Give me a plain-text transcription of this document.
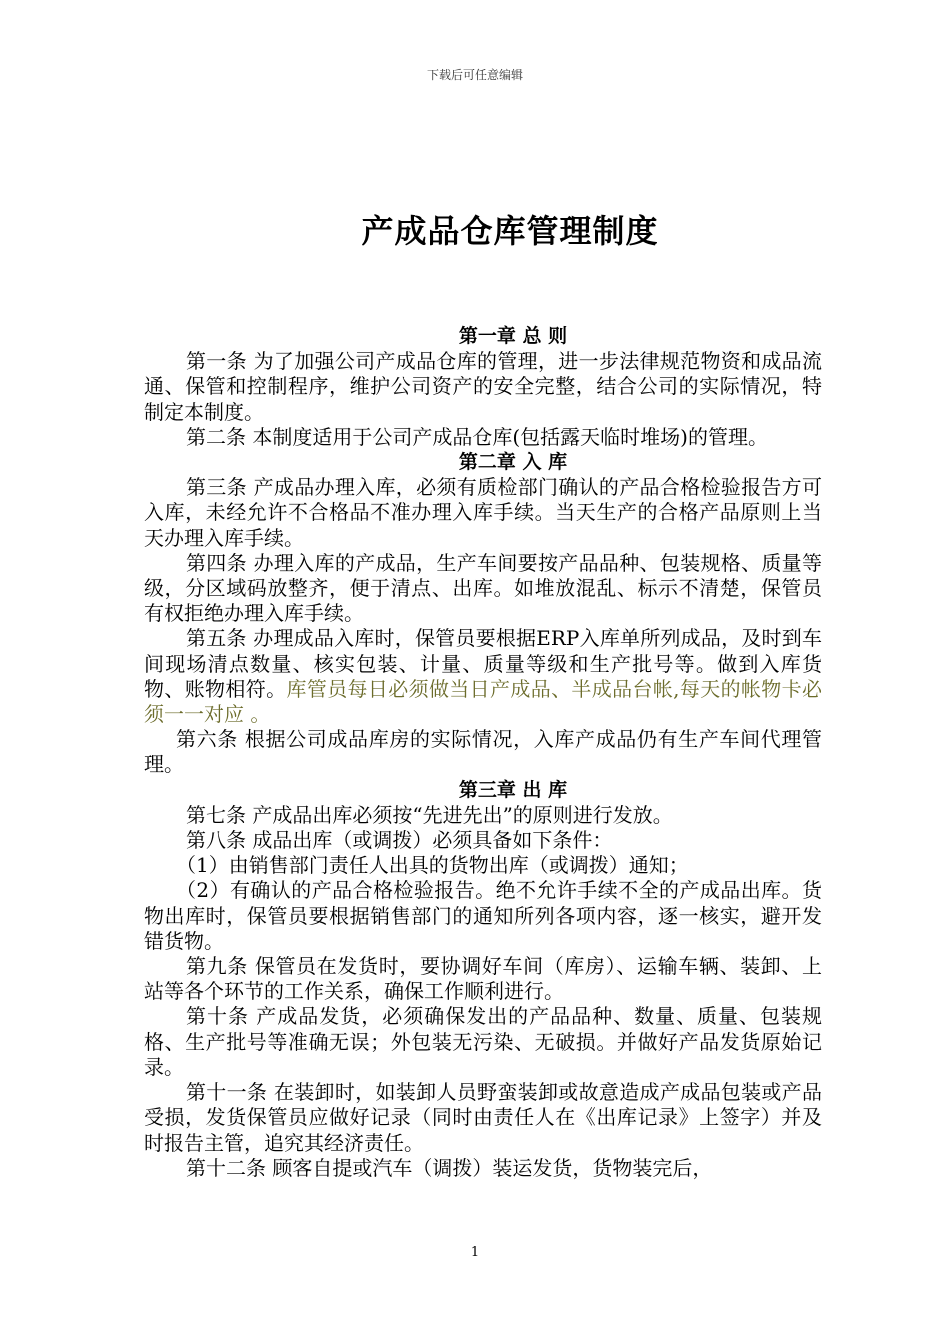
下载后可任意编辑
产成品仓库管理制度
第一章 总 则

第一条 为了加强公司产成品仓库的管理，进一步法律规范物资和成品流通、保管和控制程序，维护公司资产的安全完整，结合公司的实际情况，特制定本制度。

第二条 本制度适用于公司产成品仓库(包括露天临时堆场)的管理。

第二章 入 库

第三条 产成品办理入库，必须有质检部门确认的产品合格检验报告方可入库，未经允许不合格品不准办理入库手续。当天生产的合格产品原则上当天办理入库手续。

第四条 办理入库的产成品，生产车间要按产品品种、包装规格、质量等级，分区域码放整齐，便于清点、出库。如堆放混乱、标示不清楚，保管员有权拒绝办理入库手续。

第五条 办理成品入库时，保管员要根据ERP入库单所列成品，及时到车间现场清点数量、核实包装、计量、质量等级和生产批号等。做到入库货物、账物相符。库管员每日必须做当日产成品、半成品台帐,每天的帐物卡必须一一对应 。

第六条 根据公司成品库房的实际情况，入库产成品仍有生产车间代理管理。

第三章 出 库

第七条 产成品出库必须按“先进先出”的原则进行发放。

第八条 成品出库（或调拨）必须具备如下条件：

（1）由销售部门责任人出具的货物出库（或调拨）通知；

（2）有确认的产品合格检验报告。绝不允许手续不全的产成品出库。货物出库时，保管员要根据销售部门的通知所列各项内容，逐一核实，避开发错货物。

第九条 保管员在发货时，要协调好车间（库房）、运输车辆、装卸、上站等各个环节的工作关系，确保工作顺利进行。

第十条 产成品发货，必须确保发出的产品品种、数量、质量、包装规格、生产批号等准确无误；外包装无污染、无破损。并做好产品发货原始记录。

第十一条 在装卸时，如装卸人员野蛮装卸或故意造成产成品包装或产品受损，发货保管员应做好记录（同时由责任人在《出库记录》上签字）并及时报告主管，追究其经济责任。

第十二条 顾客自提或汽车（调拨）装运发货，货物装完后，

1
